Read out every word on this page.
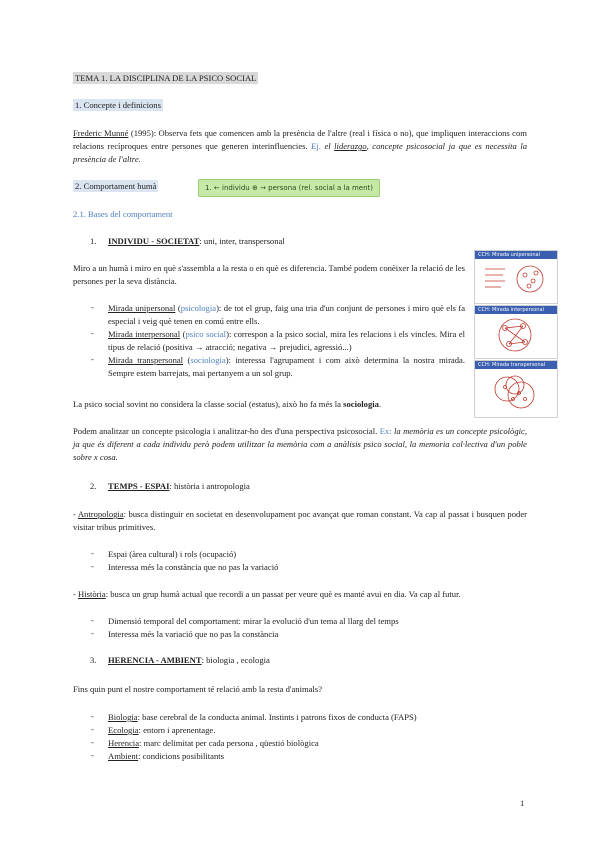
TEMA 1. LA DISCIPLINA DE LA PSICO SOCIAL
1. Concepte i definicions
Frederic Munné (1995): Observa fets que comencen amb la presència de l'altre (real i física o no), que impliquen interaccions com relacions recíproques entre persones que generen interinfluencies. Ej. el liderazgo, concepte psicosocial ja que es necessita la presència de l'altre.
2. Comportament humà	1. ← individu ⊕ → persona (rel. social a la ment)
2.1. Bases del comportament
1. INDIVIDU - SOCIETAT: uni, inter, transpersonal
Miro a un humà i miro en què s'assembla a la resta o en què es diferencia. També podem conèixer la relació de les persones per la seva distància.
- Mirada unipersonal (psicologia): de tot el grup, faig una tria d'un conjunt de persones i miro què els fa especial i veig què tenen en comú entre ells.
- Mirada interpersonal (psico social): correspon a la psico social, mira les relacions i els vincles. Mira el tipus de relació (positiva → atracció; negativa → prejudici, agressió...)
- Mirada transpersonal (sociologia): interessa l'agrupament i com això determina la nostra mirada. Sempre estem barrejats, mai pertanyem a un sol grup.
CCH: Mirada unipersonal
CCH: Mirada interpersonal
CCH: Mirada transpersonal
La psico social sovint no considera la classe social (estatus), això ho fa més la sociologia.
Podem analitzar un concepte psicologia i analitzar-ho des d'una perspectiva psicosocial. Ex: la memòria es un concepte psicològic, ja que és diferent a cada individu però podem utilitzar la memòria com a anàlisis psico social, la memoria col·lectiva d'un poble sobre x cosa.
2. TEMPS - ESPAI: història i antropologia
- Antropologia: busca distinguir en societat en desenvolupament poc avançat que roman constant. Va cap al passat i busquen poder visitar tribus primitives.
- Espai (àrea cultural) i rols (ocupació)
- Interessa més la constància que no pas la variació
- Història: busca un grup humà actual que recordi a un passat per veure què es manté avui en dia. Va cap al futur.
- Dimensió temporal del comportament: mirar la evolució d'un tema al llarg del temps
- Interessa més la variació que no pas la constància
3. HERENCIA - AMBIENT: biologia , ecologia
Fins quin punt el nostre comportament té relació amb la resta d'animals?
- Biologia: base cerebral de la conducta animal. Instints i patrons fixos de conducta (FAPS)
- Ecologia: entorn i aprenentage.
- Herencia: marc delimitat per cada persona , qüestió biològica
- Ambient: condicions posibilitants
1
